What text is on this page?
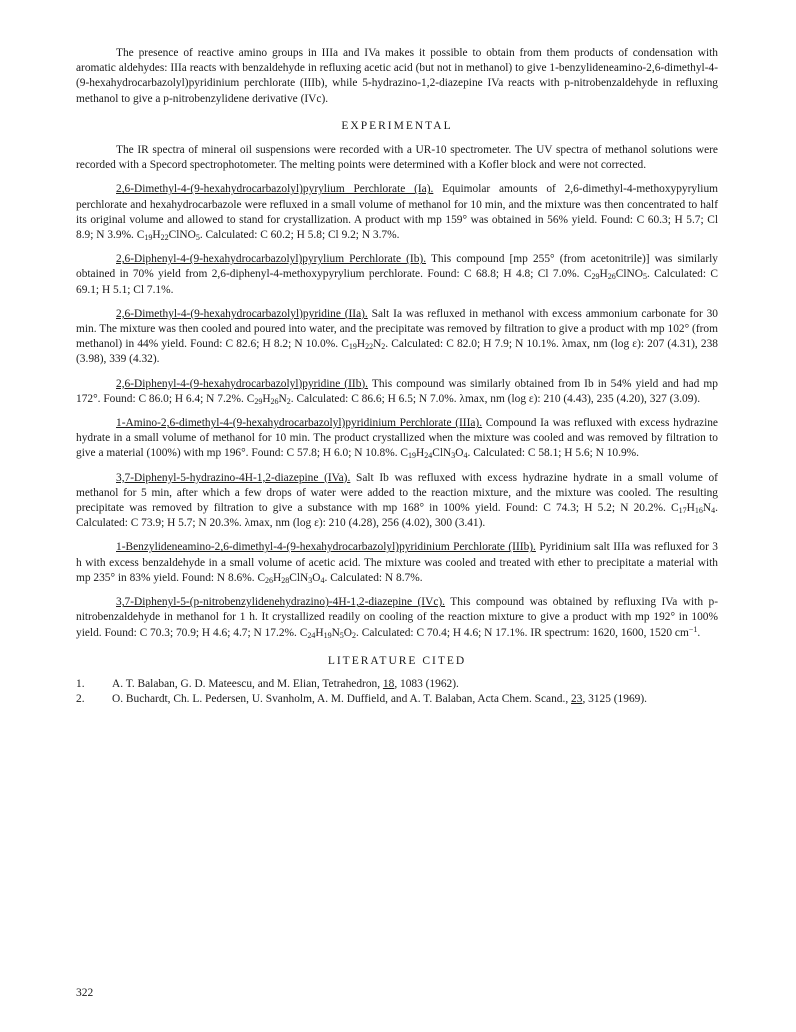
The presence of reactive amino groups in IIIa and IVa makes it possible to obtain from them products of condensation with aromatic aldehydes: IIIa reacts with benzaldehyde in refluxing acetic acid (but not in methanol) to give 1-benzylideneamino-2,6-dimethyl-4-(9-hexahydrocarbazolyl)pyridinium perchlorate (IIIb), while 5-hydrazino-1,2-diazepine IVa reacts with p-nitrobenzaldehyde in refluxing methanol to give a p-nitrobenzylidene derivative (IVc).

EXPERIMENTAL

The IR spectra of mineral oil suspensions were recorded with a UR-10 spectrometer. The UV spectra of methanol solutions were recorded with a Specord spectrophotometer. The melting points were determined with a Kofler block and were not corrected.

2,6-Dimethyl-4-(9-hexahydrocarbazolyl)pyrylium Perchlorate (Ia). Equimolar amounts of 2,6-dimethyl-4-methoxypyrylium perchlorate and hexahydrocarbazole were refluxed in a small volume of methanol for 10 min, and the mixture was then concentrated to half its original volume and allowed to stand for crystallization. A product with mp 159° was obtained in 56% yield. Found: C 60.3; H 5.7; Cl 8.9; N 3.9%. $C_{19}H_{22}ClNO_5$. Calculated: C 60.2; H 5.8; Cl 9.2; N 3.7%.

2,6-Diphenyl-4-(9-hexahydrocarbazolyl)pyrylium Perchlorate (Ib). This compound [mp 255° (from acetonitrile)] was similarly obtained in 70% yield from 2,6-diphenyl-4-methoxypyrylium perchlorate. Found: C 68.8; H 4.8; Cl 7.0%. $C_{29}H_{26}ClNO_5$. Calculated: C 69.1; H 5.1; Cl 7.1%.

2,6-Dimethyl-4-(9-hexahydrocarbazolyl)pyridine (IIa). Salt Ia was refluxed in methanol with excess ammonium carbonate for 30 min. The mixture was then cooled and poured into water, and the precipitate was removed by filtration to give a product with mp 102° (from methanol) in 44% yield. Found: C 82.6; H 8.2; N 10.0%. $C_{19}H_{22}N_2$. Calculated: C 82.0; H 7.9; N 10.1%. λmax, nm (log ε): 207 (4.31), 238 (3.98), 339 (4.32).

2,6-Diphenyl-4-(9-hexahydrocarbazolyl)pyridine (IIb). This compound was similarly obtained from Ib in 54% yield and had mp 172°. Found: C 86.0; H 6.4; N 7.2%. $C_{29}H_{26}N_2$. Calculated: C 86.6; H 6.5; N 7.0%. λmax, nm (log ε): 210 (4.43), 235 (4.20), 327 (3.09).

1-Amino-2,6-dimethyl-4-(9-hexahydrocarbazolyl)pyridinium Perchlorate (IIIa). Compound Ia was refluxed with excess hydrazine hydrate in a small volume of methanol for 10 min. The product crystallized when the mixture was cooled and was removed by filtration to give a material (100%) with mp 196°. Found: C 57.8; H 6.0; N 10.8%. $C_{19}H_{24}ClN_3O_4$. Calculated: C 58.1; H 5.6; N 10.9%.

3,7-Diphenyl-5-hydrazino-4H-1,2-diazepine (IVa). Salt Ib was refluxed with excess hydrazine hydrate in a small volume of methanol for 5 min, after which a few drops of water were added to the reaction mixture, and the mixture was cooled. The resulting precipitate was removed by filtration to give a substance with mp 168° in 100% yield. Found: C 74.3; H 5.2; N 20.2%. $C_{17}H_{16}N_4$. Calculated: C 73.9; H 5.7; N 20.3%. λmax, nm (log ε): 210 (4.28), 256 (4.02), 300 (3.41).

1-Benzylideneamino-2,6-dimethyl-4-(9-hexahydrocarbazolyl)pyridinium Perchlorate (IIIb). Pyridinium salt IIIa was refluxed for 3 h with excess benzaldehyde in a small volume of acetic acid. The mixture was cooled and treated with ether to precipitate a material with mp 235° in 83% yield. Found: N 8.6%. $C_{26}H_{28}ClN_3O_4$. Calculated: N 8.7%.

3,7-Diphenyl-5-(p-nitrobenzylidenehydrazino)-4H-1,2-diazepine (IVc). This compound was obtained by refluxing IVa with p-nitrobenzaldehyde in methanol for 1 h. It crystallized readily on cooling of the reaction mixture to give a product with mp 192° in 100% yield. Found: C 70.3; 70.9; H 4.6; 4.7; N 17.2%. $C_{24}H_{19}N_5O_2$. Calculated: C 70.4; H 4.6; N 17.1%. IR spectrum: 1620, 1600, 1520 $cm^{-1}$.

LITERATURE CITED
1.	A. T. Balaban, G. D. Mateescu, and M. Elian, Tetrahedron, 18, 1083 (1962).
2.	O. Buchardt, Ch. L. Pedersen, U. Svanholm, A. M. Duffield, and A. T. Balaban, Acta Chem. Scand., 23, 3125 (1969).
322
